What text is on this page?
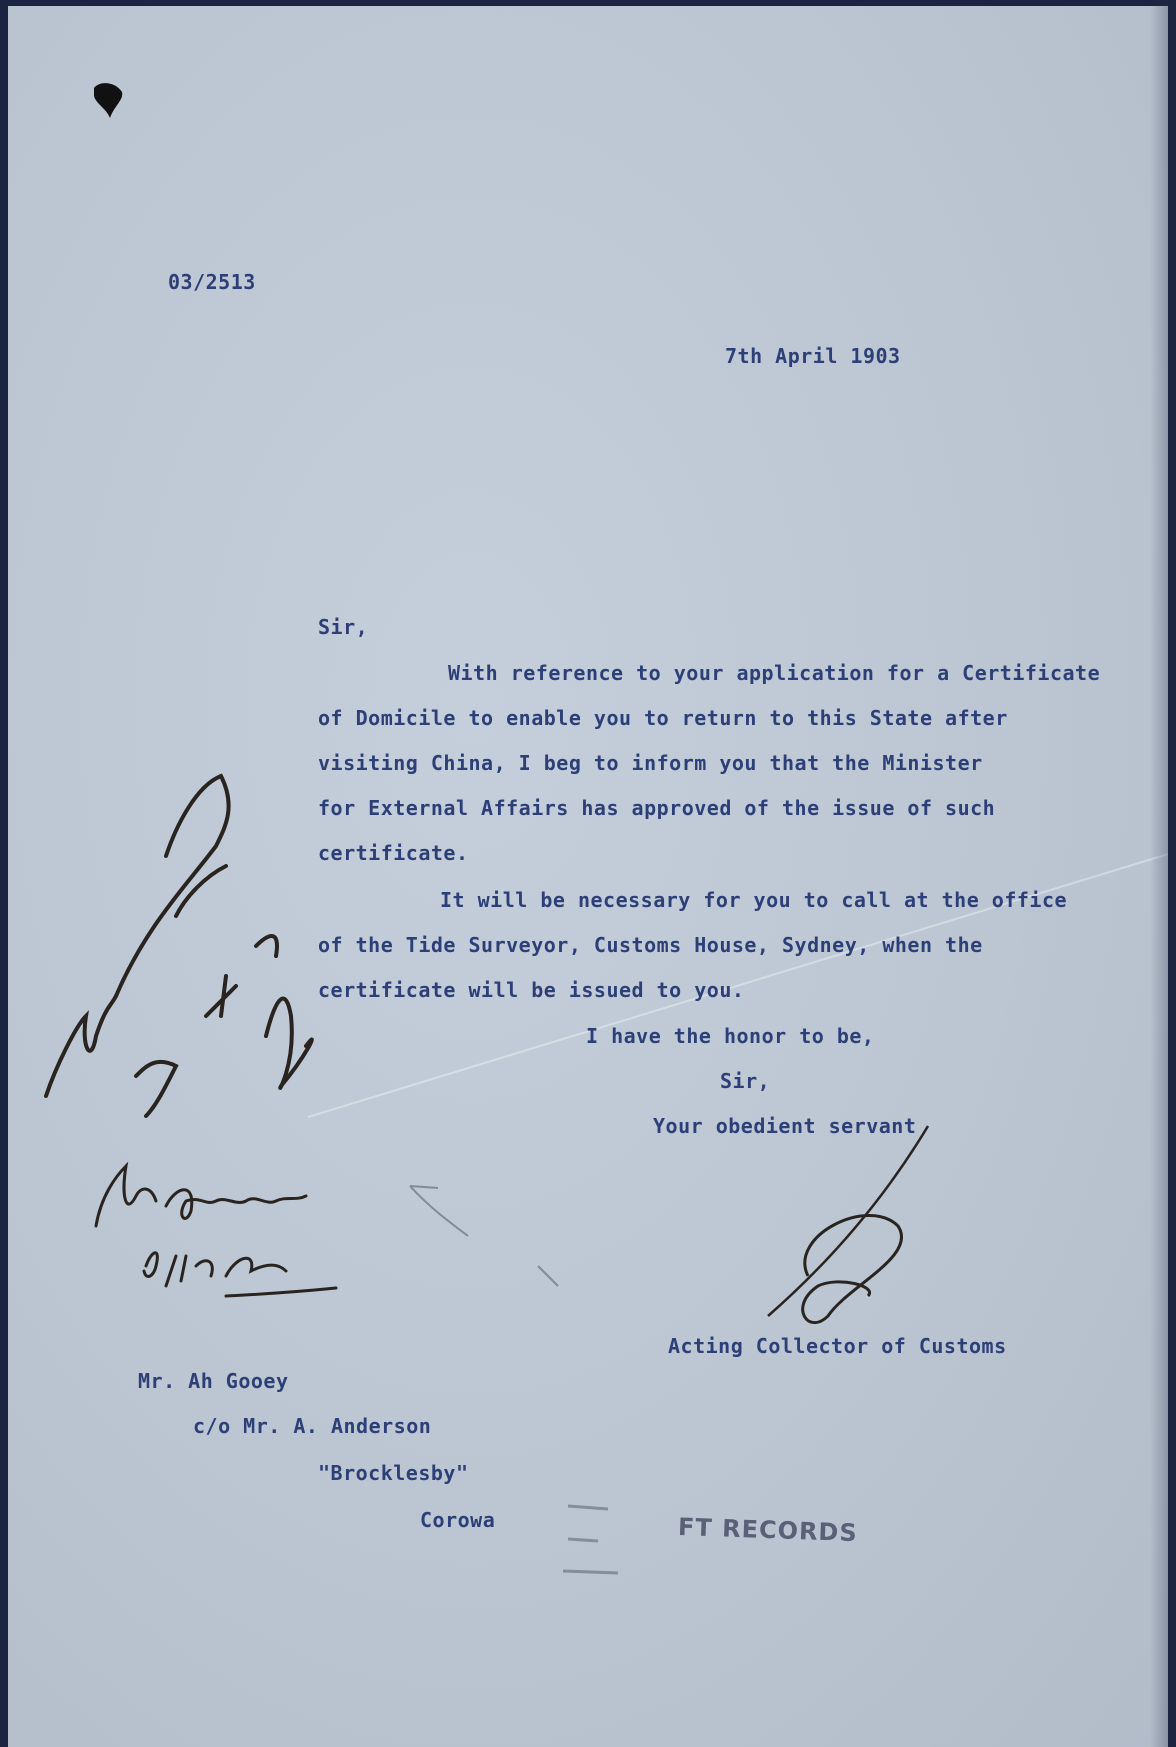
03/2513

7th April 1903

Sir,

With reference to your application for a Certificate

of Domicile to enable you to return to this State after

visiting China, I beg to inform you that the Minister

for External Affairs has approved of the issue of such

certificate.

It will be necessary for you to call at the office

of the Tide Surveyor, Customs House, Sydney, when the

certificate will be issued to you.

I have the honor to be,

Sir,

Your obedient servant

Acting Collector of Customs

Mr. Ah Gooey

c/o Mr. A. Anderson

"Brocklesby"

Corowa	FT RECORDS
